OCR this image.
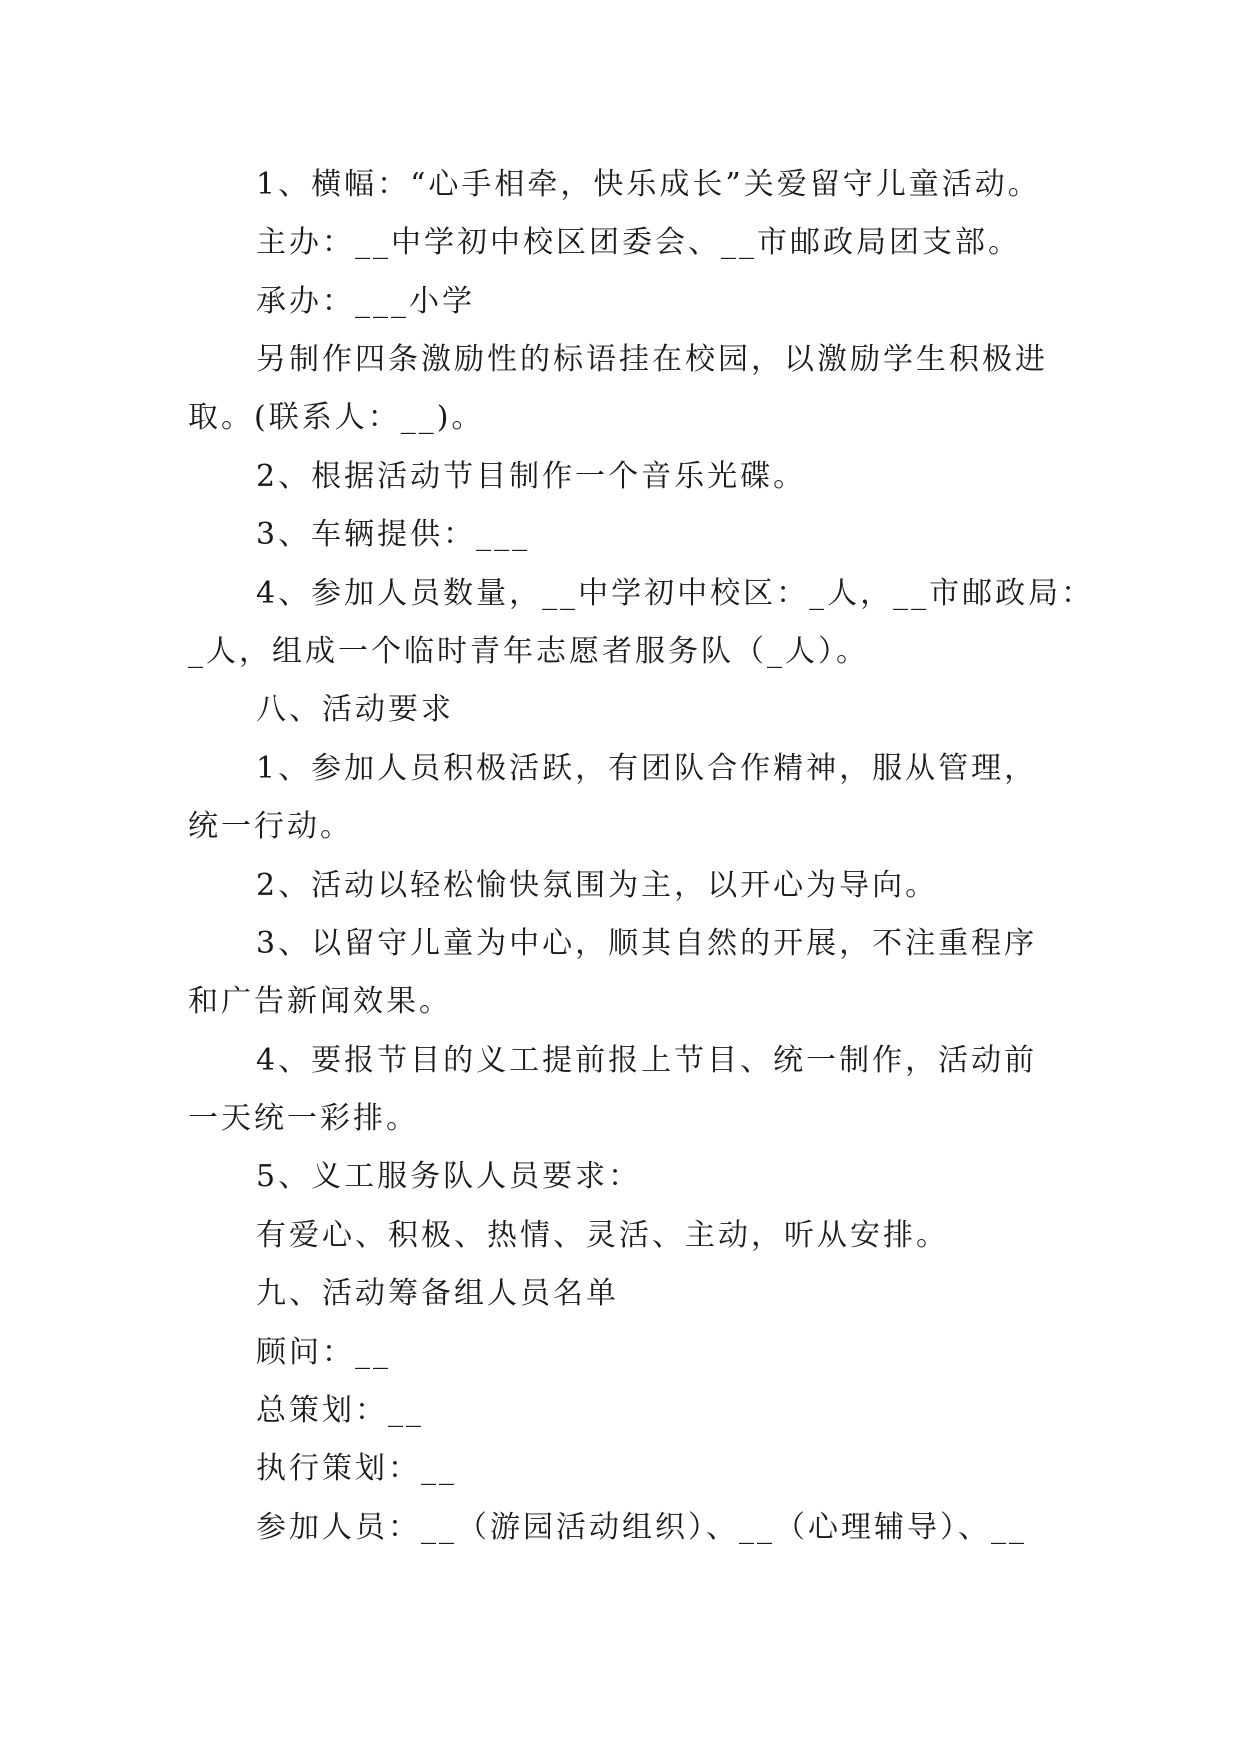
1、横幅：“心手相牵，快乐成长”关爱留守儿童活动。
主办：__中学初中校区团委会、__市邮政局团支部。
承办：___小学
另制作四条激励性的标语挂在校园，以激励学生积极进
取。(联系人：__)。
2、根据活动节目制作一个音乐光碟。
3、车辆提供：___
4、参加人员数量，__中学初中校区：_人，__市邮政局：
_人，组成一个临时青年志愿者服务队（_人）。
八、活动要求
1、参加人员积极活跃，有团队合作精神，服从管理，
统一行动。
2、活动以轻松愉快氛围为主，以开心为导向。
3、以留守儿童为中心，顺其自然的开展，不注重程序
和广告新闻效果。
4、要报节目的义工提前报上节目、统一制作，活动前
一天统一彩排。
5、义工服务队人员要求：
有爱心、积极、热情、灵活、主动，听从安排。
九、活动筹备组人员名单
顾问：__
总策划：__
执行策划：__
参加人员：__（游园活动组织）、__（心理辅导）、__
